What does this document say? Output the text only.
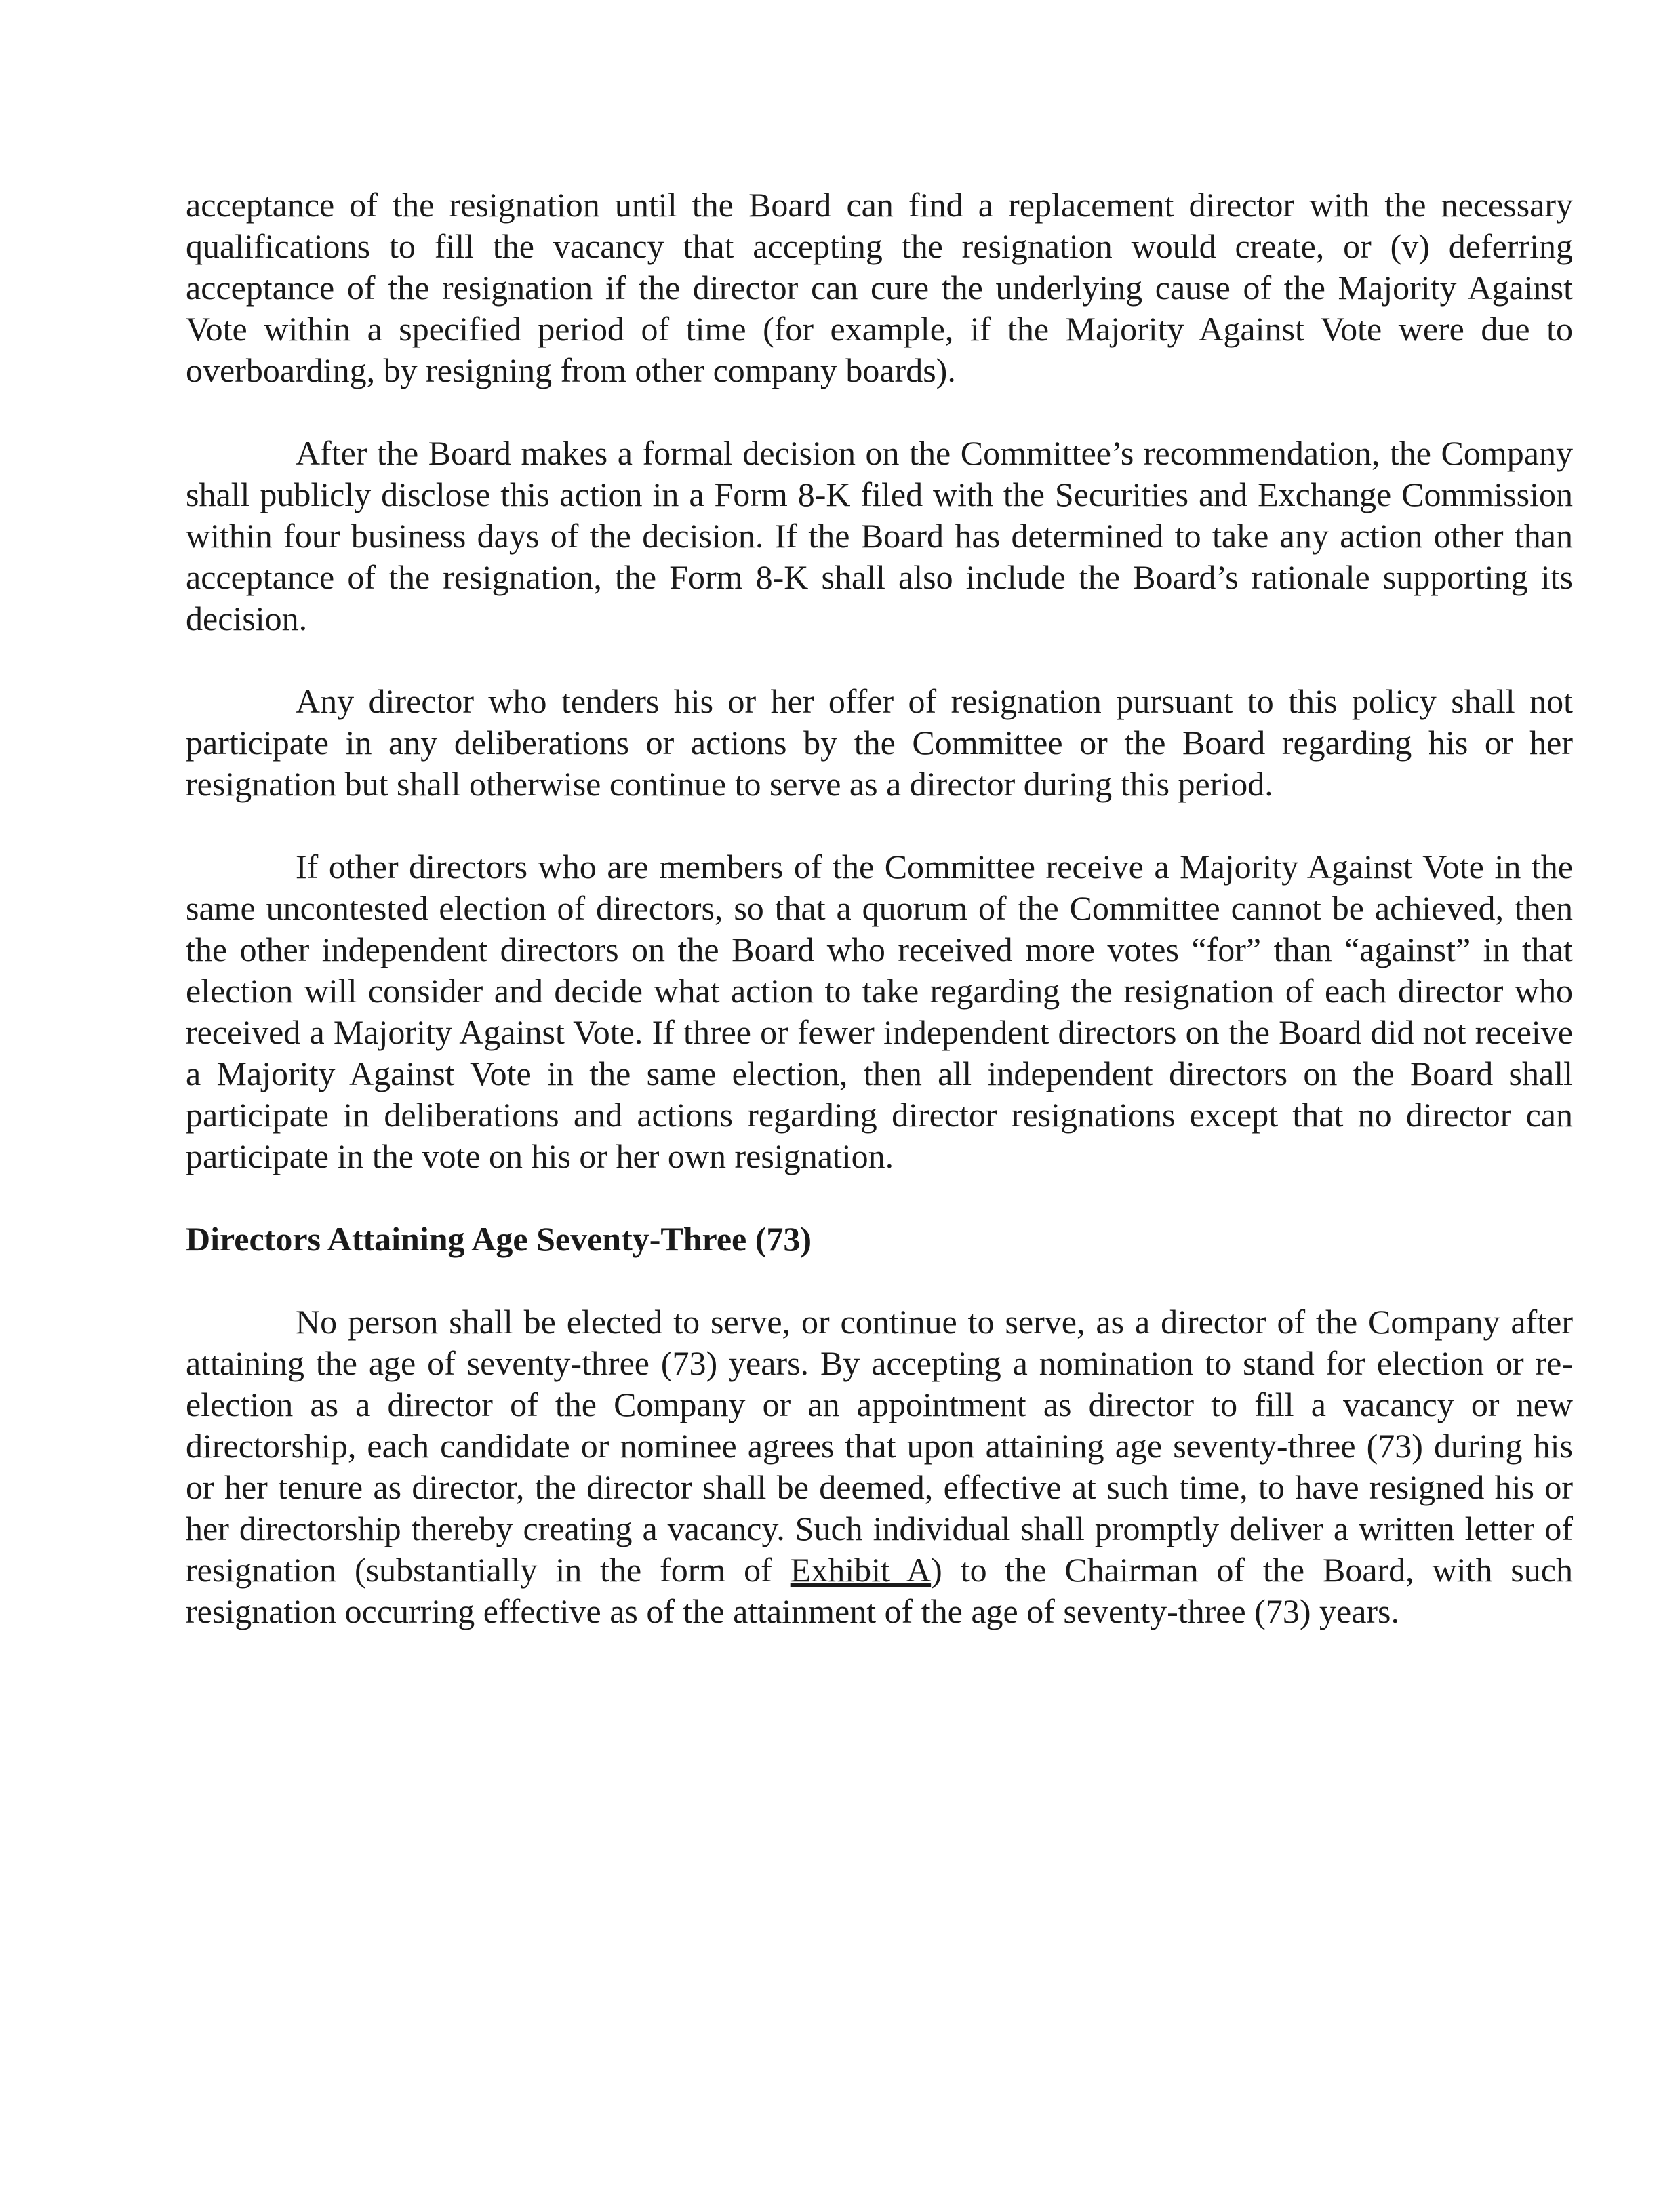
acceptance of the resignation until the Board can find a replacement director with the necessary qualifications to fill the vacancy that accepting the resignation would create, or (v) deferring acceptance of the resignation if the director can cure the underlying cause of the Majority Against Vote within a specified period of time (for example, if the Majority Against Vote were due to overboarding, by resigning from other company boards).

After the Board makes a formal decision on the Committee’s recommendation, the Company shall publicly disclose this action in a Form 8-K filed with the Securities and Exchange Commission within four business days of the decision. If the Board has determined to take any action other than acceptance of the resignation, the Form 8-K shall also include the Board’s rationale supporting its decision.

Any director who tenders his or her offer of resignation pursuant to this policy shall not participate in any deliberations or actions by the Committee or the Board regarding his or her resignation but shall otherwise continue to serve as a director during this period.

If other directors who are members of the Committee receive a Majority Against Vote in the same uncontested election of directors, so that a quorum of the Committee cannot be achieved, then the other independent directors on the Board who received more votes “for” than “against” in that election will consider and decide what action to take regarding the resignation of each director who received a Majority Against Vote. If three or fewer independent directors on the Board did not receive a Majority Against Vote in the same election, then all independent directors on the Board shall participate in deliberations and actions regarding director resignations except that no director can participate in the vote on his or her own resignation.

Directors Attaining Age Seventy-Three (73)

No person shall be elected to serve, or continue to serve, as a director of the Company after attaining the age of seventy-three (73) years. By accepting a nomination to stand for election or re-election as a director of the Company or an appointment as director to fill a vacancy or new directorship, each candidate or nominee agrees that upon attaining age seventy-three (73) during his or her tenure as director, the director shall be deemed, effective at such time, to have resigned his or her directorship thereby creating a vacancy. Such individual shall promptly deliver a written letter of resignation (substantially in the form of Exhibit A) to the Chairman of the Board, with such resignation occurring effective as of the attainment of the age of seventy-three (73) years.
